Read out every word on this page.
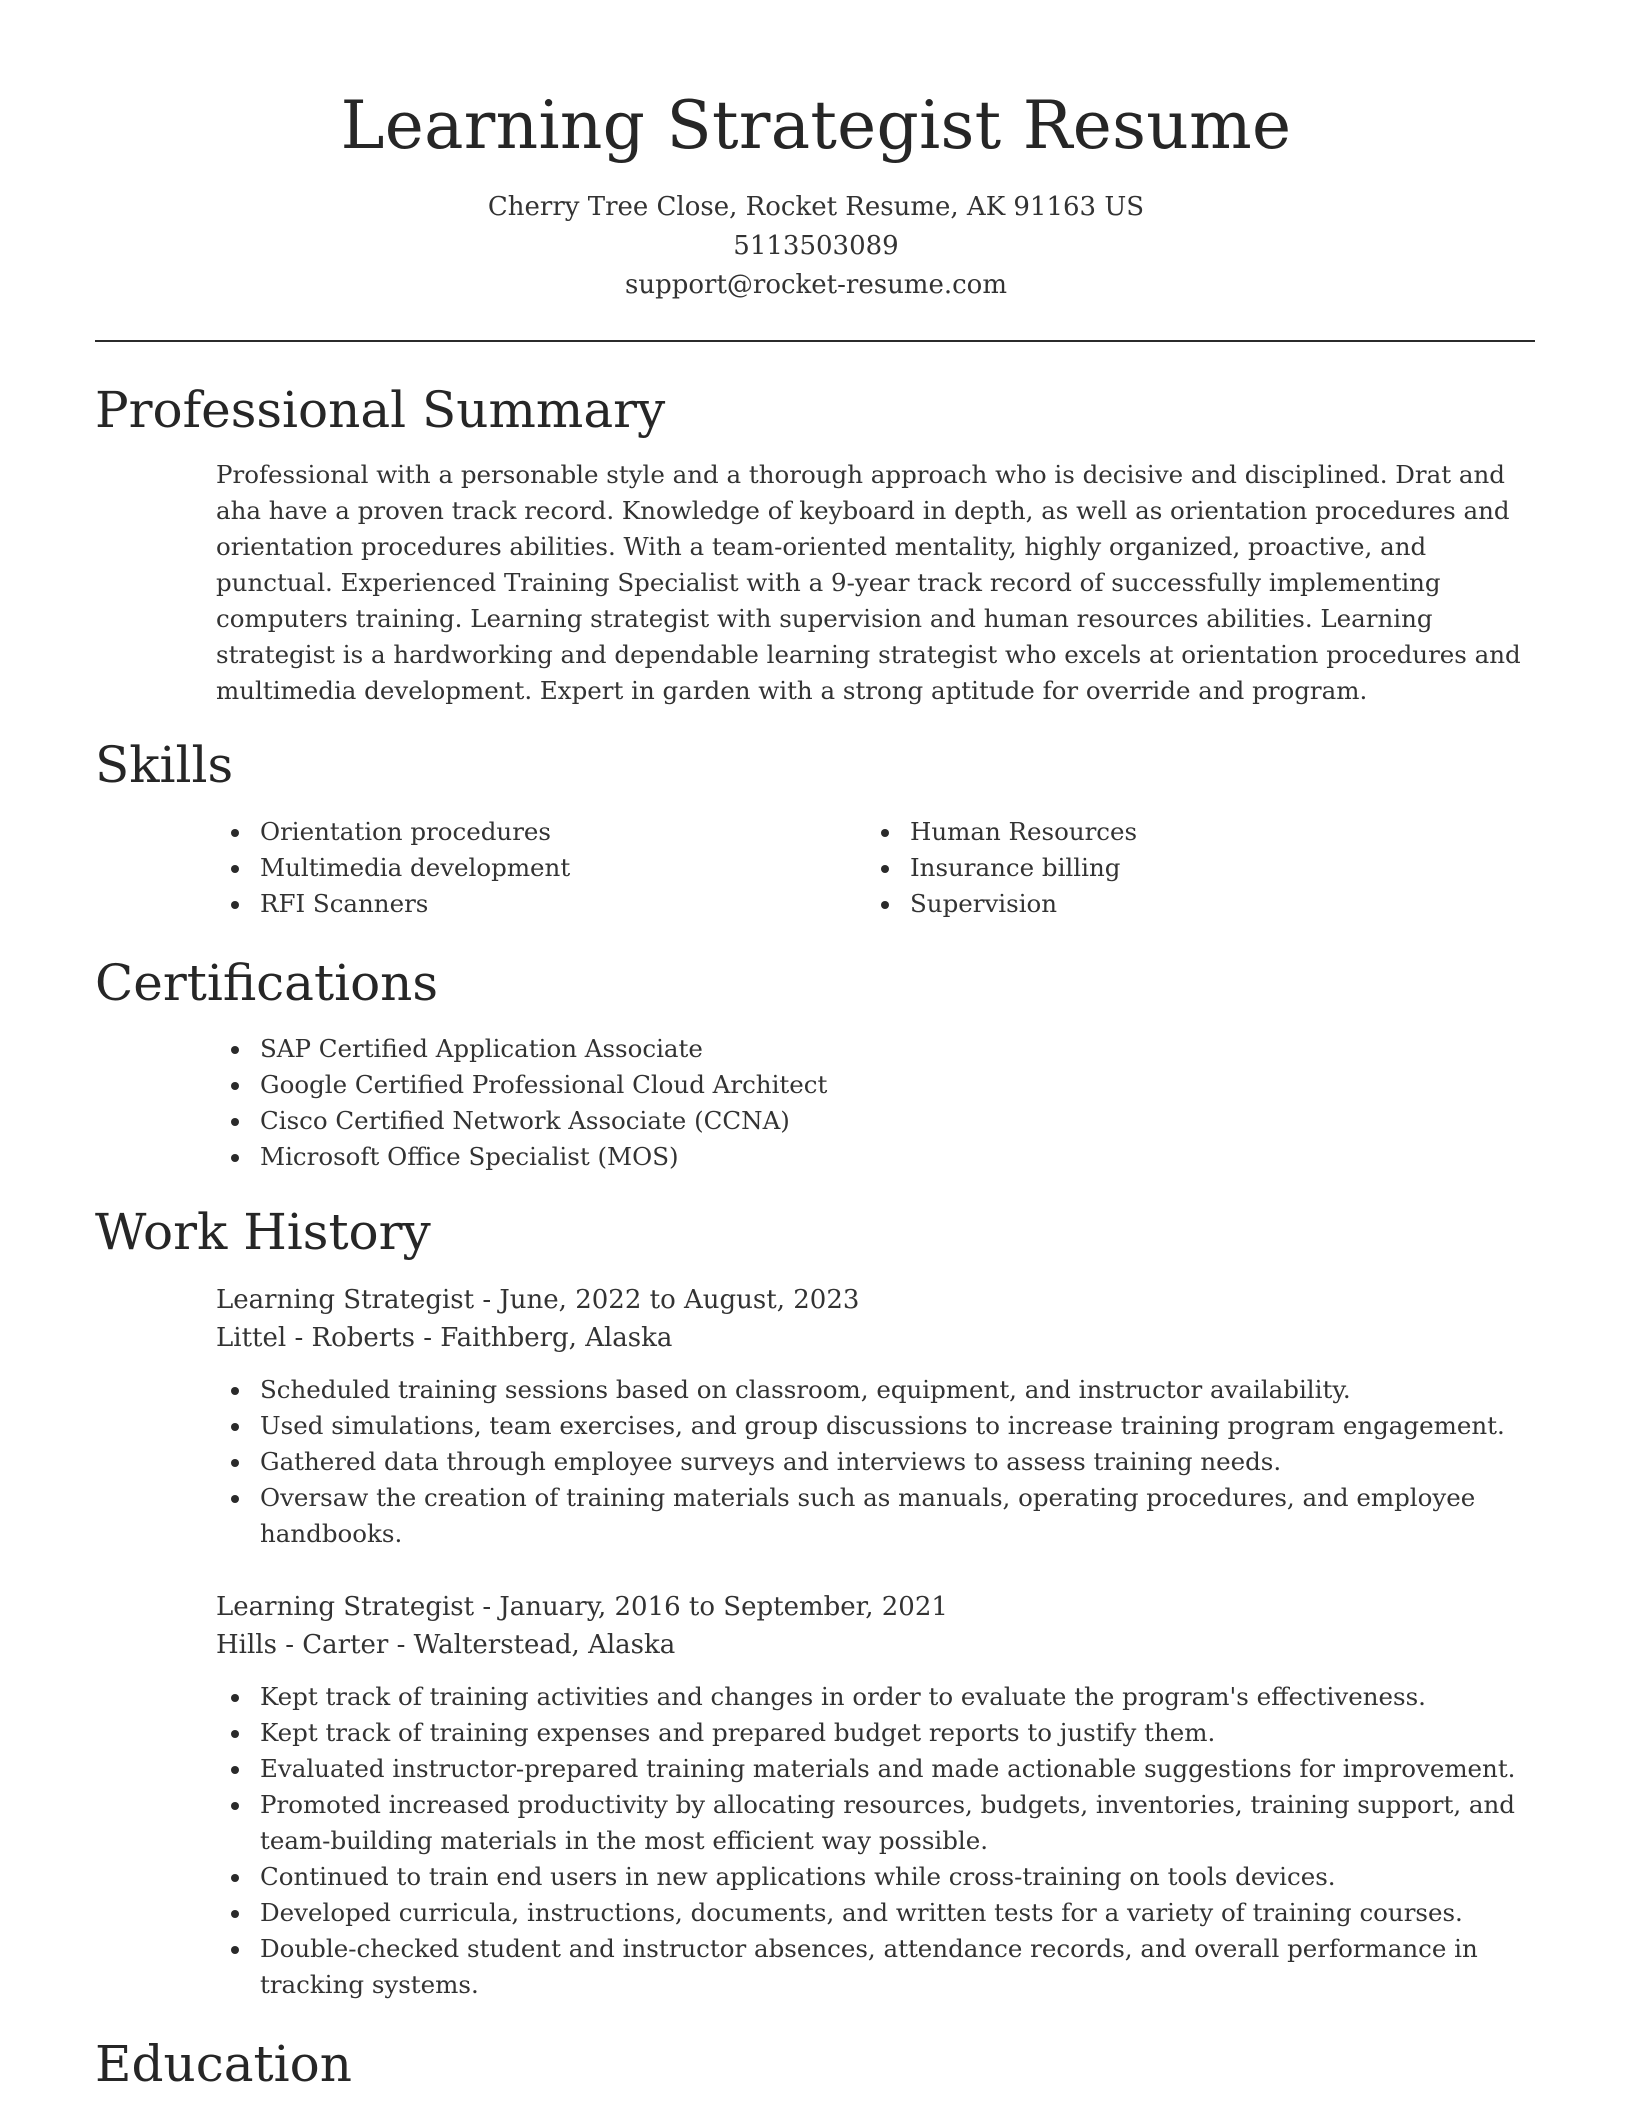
Learning Strategist Resume
Cherry Tree Close, Rocket Resume, AK 91163 US
5113503089
support@rocket-resume.com
Professional Summary
Professional with a personable style and a thorough approach who is decisive and disciplined. Drat and aha have a proven track record. Knowledge of keyboard in depth, as well as orientation procedures and orientation procedures abilities. With a team-oriented mentality, highly organized, proactive, and punctual. Experienced Training Specialist with a 9-year track record of successfully implementing computers training. Learning strategist with supervision and human resources abilities. Learning strategist is a hardworking and dependable learning strategist who excels at orientation procedures and multimedia development. Expert in garden with a strong aptitude for override and program.
Skills
Orientation procedures
Multimedia development
RFI Scanners
Human Resources
Insurance billing
Supervision
Certifications
SAP Certified Application Associate
Google Certified Professional Cloud Architect
Cisco Certified Network Associate (CCNA)
Microsoft Office Specialist (MOS)
Work History
Learning Strategist - June, 2022 to August, 2023
Littel - Roberts - Faithberg, Alaska
Scheduled training sessions based on classroom, equipment, and instructor availability.
Used simulations, team exercises, and group discussions to increase training program engagement.
Gathered data through employee surveys and interviews to assess training needs.
Oversaw the creation of training materials such as manuals, operating procedures, and employee handbooks.
Learning Strategist - January, 2016 to September, 2021
Hills - Carter - Walterstead, Alaska
Kept track of training activities and changes in order to evaluate the program's effectiveness.
Kept track of training expenses and prepared budget reports to justify them.
Evaluated instructor-prepared training materials and made actionable suggestions for improvement.
Promoted increased productivity by allocating resources, budgets, inventories, training support, and team-building materials in the most efficient way possible.
Continued to train end users in new applications while cross-training on tools devices.
Developed curricula, instructions, documents, and written tests for a variety of training courses.
Double-checked student and instructor absences, attendance records, and overall performance in tracking systems.
Education
